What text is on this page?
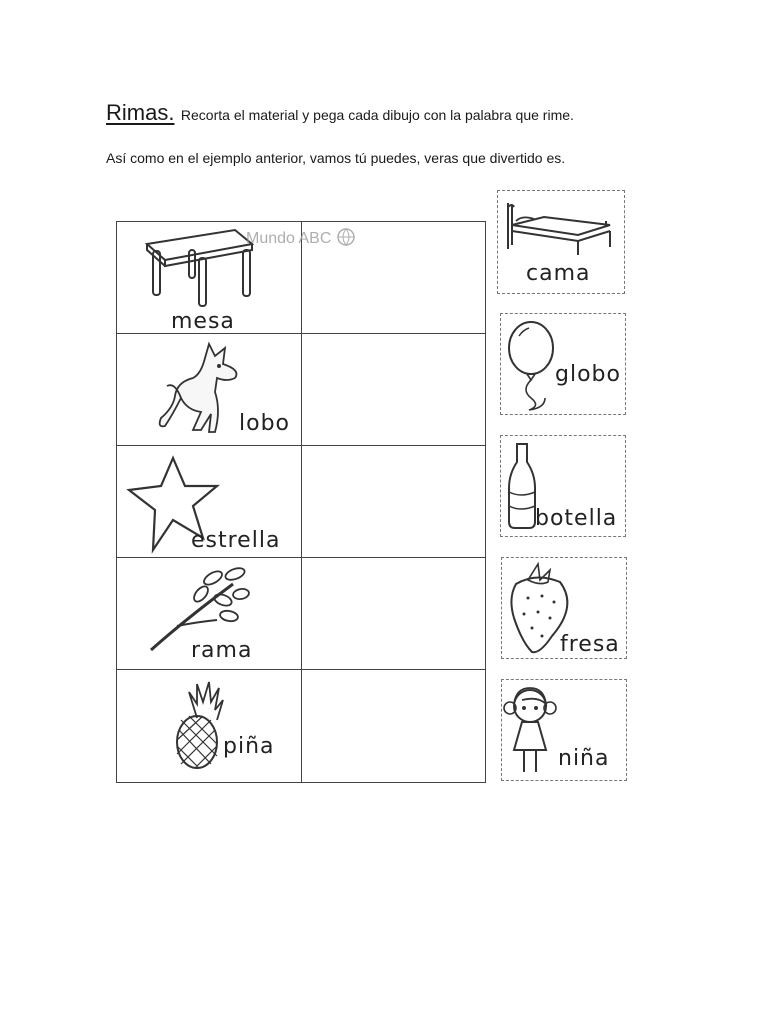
Rimas. Recorta el material y pega cada dibujo con la palabra que rime.
Así como en el ejemplo anterior, vamos tú puedes, veras que divertido es.
mesa
lobo
estrella
rama
piña
Mundo ABC
cama
globo
botella
fresa
niña
